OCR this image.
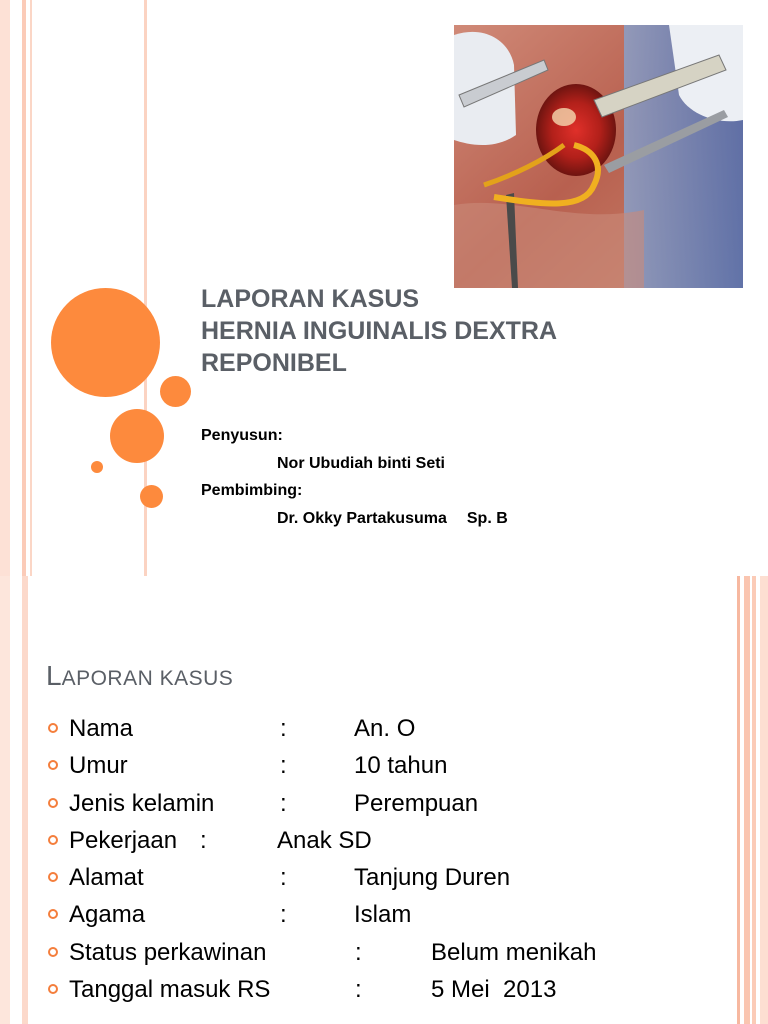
LAPORAN KASUS
HERNIA INGUINALIS DEXTRA
REPONIBEL
Penyusun:
Nor Ubudiah binti Seti
Pembimbing:
Dr. Okky Partakusuma Sp. B
LAPORAN KASUS
Nama	:	An. O
Umur	:	10 tahun
Jenis kelamin	:	Perempuan
Pekerjaan :	Anak SD
Alamat	:	Tanjung Duren
Agama	:	Islam
Status perkawinan	:	Belum menikah
Tanggal masuk RS	:	5 Mei  2013
